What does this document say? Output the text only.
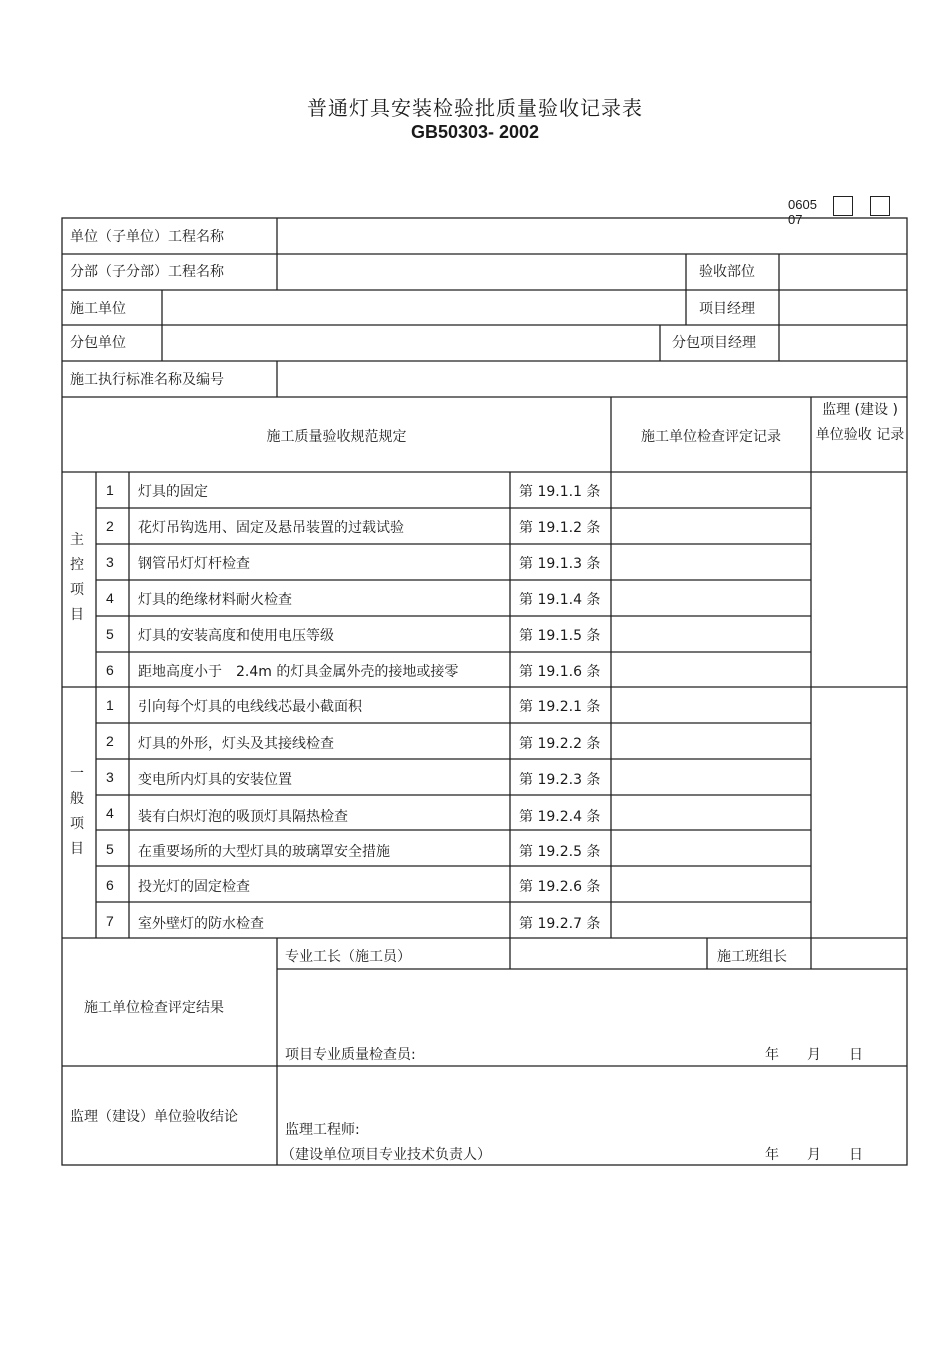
普通灯具安装检验批质量验收记录表
GB50303- 2002
0605 07
单位（子单位）工程名称
分部（子分部）工程名称	验收部位
施工单位	项目经理
分包单位	分包项目经理
施工执行标准名称及编号
施工质量验收规范规定	施工单位检查评定记录
监理 (建设 ) 单位验收 记录
主控项目
一般项目
1 灯具的固定	第 19.1.1 条
2 花灯吊钩选用、固定及悬吊装置的过载试验	第 19.1.2 条
3 钢管吊灯灯杆检查	第 19.1.3 条
4 灯具的绝缘材料耐火检查	第 19.1.4 条
5 灯具的安装高度和使用电压等级	第 19.1.5 条
6 距地高度小于　2.4m 的灯具金属外壳的接地或接零	第 19.1.6 条
1 引向每个灯具的电线线芯最小截面积	第 19.2.1 条
2 灯具的外形，灯头及其接线检查	第 19.2.2 条
3 变电所内灯具的安装位置	第 19.2.3 条
4 装有白炽灯泡的吸顶灯具隔热检查	第 19.2.4 条
5 在重要场所的大型灯具的玻璃罩安全措施	第 19.2.5 条
6 投光灯的固定检查	第 19.2.6 条
7 室外壁灯的防水检查	第 19.2.7 条
专业工长（施工员）	施工班组长
施工单位检查评定结果
项目专业质量检查员:	年　　月　　日
监理（建设）单位验收结论
监理工程师:
（建设单位项目专业技术负责人）	年　　月　　日
